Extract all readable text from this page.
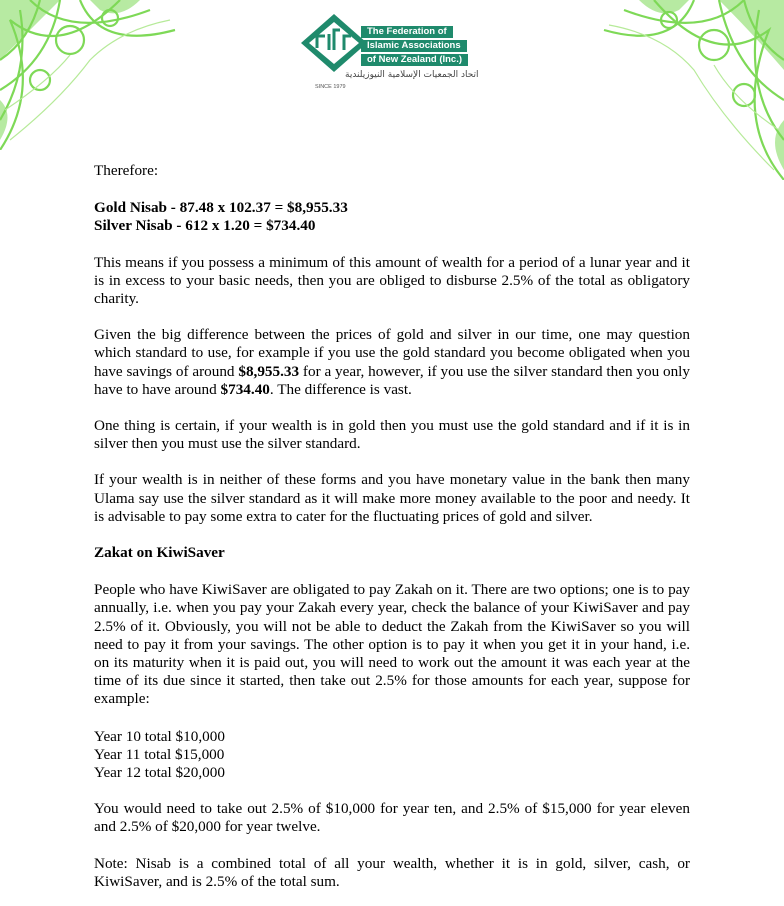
The Federation of
Islamic Associations
of New Zealand (Inc.)
اتحاد الجمعيات الإسلامية النيوزيلندية
SINCE 1979

Therefore:

Gold Nisab - 87.48 x 102.37 = $8,955.33

Silver Nisab - 612 x 1.20 = $734.40

This means if you possess a minimum of this amount of wealth for a period of a lunar year and it is in excess to your basic needs, then you are obliged to disburse 2.5% of the total as obligatory charity.

Given the big difference between the prices of gold and silver in our time, one may question which standard to use, for example if you use the gold standard you become obligated when you have savings of around $8,955.33 for a year, however, if you use the silver standard then you only have to have around $734.40. The difference is vast.

One thing is certain, if your wealth is in gold then you must use the gold standard and if it is in silver then you must use the silver standard.

If your wealth is in neither of these forms and you have monetary value in the bank then many Ulama say use the silver standard as it will make more money available to the poor and needy. It is advisable to pay some extra to cater for the fluctuating prices of gold and silver.

Zakat on KiwiSaver

People who have KiwiSaver are obligated to pay Zakah on it. There are two options; one is to pay annually, i.e. when you pay your Zakah every year, check the balance of your KiwiSaver and pay 2.5% of it. Obviously, you will not be able to deduct the Zakah from the KiwiSaver so you will need to pay it from your savings. The other option is to pay it when you get it in your hand, i.e. on its maturity when it is paid out, you will need to work out the amount it was each year at the time of its due since it started, then take out 2.5% for those amounts for each year, suppose for example:

Year 10 total $10,000

Year 11 total $15,000

Year 12 total $20,000

You would need to take out 2.5% of $10,000 for year ten, and 2.5% of $15,000 for year eleven and 2.5% of $20,000 for year twelve.

Note: Nisab is a combined total of all your wealth, whether it is in gold, silver, cash, or KiwiSaver, and is 2.5% of the total sum.
